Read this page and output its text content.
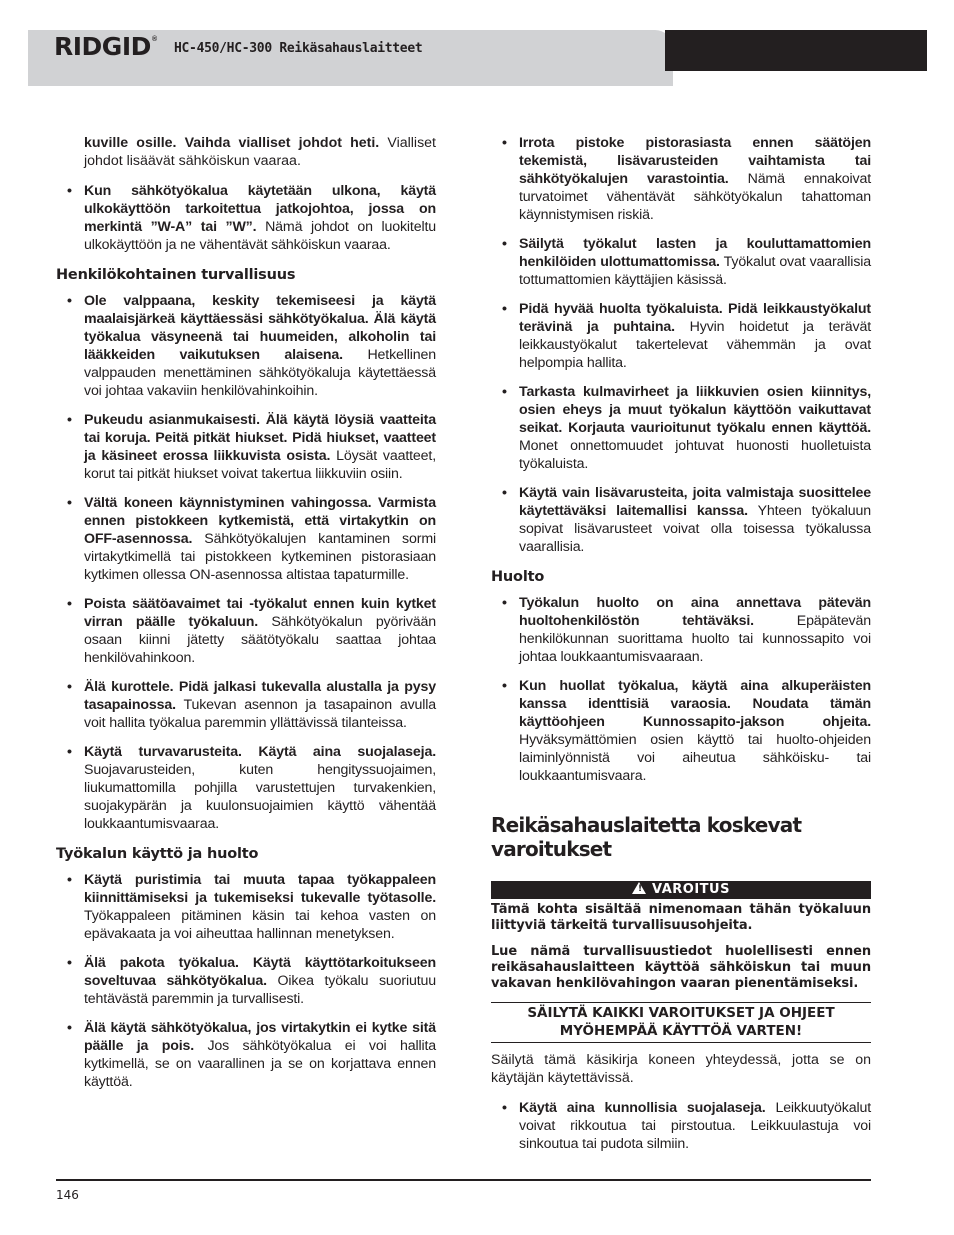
RIDGID ®
HC-450/HC-300 Reikäsahauslaitteet

kuville osille. Vaihda vialliset johdot heti. Vialliset johdot lisäävät sähköiskun vaaraa.

• Kun sähkötyökalua käytetään ulkona, käytä ulkokäyttöön tarkoitettua jatkojohtoa, jossa on merkintä ”W-A” tai ”W”. Nämä johdot on luokiteltu ulkokäyttöön ja ne vähentävät sähköiskun vaaraa.
Henkilökohtainen turvallisuus
• Ole valppaana, keskity tekemiseesi ja käytä maalaisjärkeä käyttäessäsi sähkötyökalua. Älä käytä työkalua väsyneenä tai huumeiden, alkoholin tai lääkkeiden vaikutuksen alaisena. Hetkellinen valppauden menettäminen sähkötyökaluja käytettäessä voi johtaa vakaviin henkilövahinkoihin.
• Pukeudu asianmukaisesti. Älä käytä löysiä vaatteita tai koruja. Peitä pitkät hiukset. Pidä hiukset, vaatteet ja käsineet erossa liikkuvista osista. Löysät vaatteet, korut tai pitkät hiukset voivat takertua liikkuviin osiin.
• Vältä koneen käynnistyminen vahingossa. Varmista ennen pistokkeen kytkemistä, että virtakytkin on OFF-asennossa. Sähkötyökalujen kantaminen sormi virtakytkimellä tai pistokkeen kytkeminen pistorasiaan kytkimen ollessa ON-asennossa altistaa tapaturmille.
• Poista säätöavaimet tai -työkalut ennen kuin kytket virran päälle työkaluun. Sähkötyökalun pyörivään osaan kiinni jätetty säätötyökalu saattaa johtaa henkilövahinkoon.
• Älä kurottele. Pidä jalkasi tukevalla alustalla ja pysy tasapainossa. Tukevan asennon ja tasapainon avulla voit hallita työkalua paremmin yllättävissä tilanteissa.
• Käytä turvavarusteita. Käytä aina suojalaseja. Suojavarusteiden, kuten hengityssuojaimen, liukumattomilla pohjilla varustettujen turvakenkien, suojakypärän ja kuulonsuojaimien käyttö vähentää loukkaantumisvaaraa.
Työkalun käyttö ja huolto
• Käytä puristimia tai muuta tapaa työkappaleen kiinnittämiseksi ja tukemiseksi tukevalle työtasolle. Työkappaleen pitäminen käsin tai kehoa vasten on epävakaata ja voi aiheuttaa hallinnan menetyksen.
• Älä pakota työkalua. Käytä käyttötarkoitukseen soveltuvaa sähkötyökalua. Oikea työkalu suoriutuu tehtävästä paremmin ja turvallisesti.
• Älä käytä sähkötyökalua, jos virtakytkin ei kytke sitä päälle ja pois. Jos sähkötyökalua ei voi hallita kytkimellä, se on vaarallinen ja se on korjattava ennen käyttöä.
• Irrota pistoke pistorasiasta ennen säätöjen tekemistä, lisävarusteiden vaihtamista tai sähkötyökalujen varastointia. Nämä ennakoivat turvatoimet vähentävät sähkötyökalun tahattoman käynnistymisen riskiä.
• Säilytä työkalut lasten ja kouluttamattomien henkilöiden ulottumattomissa. Työkalut ovat vaarallisia tottumattomien käyttäjien käsissä.
• Pidä hyvää huolta työkaluista. Pidä leikkaustyökalut terävinä ja puhtaina. Hyvin hoidetut ja terävät leikkaustyökalut takertelevat vähemmän ja ovat helpompia hallita.
• Tarkasta kulmavirheet ja liikkuvien osien kiinnitys, osien eheys ja muut työkalun käyttöön vaikuttavat seikat. Korjauta vaurioitunut työkalu ennen käyttöä. Monet onnettomuudet johtuvat huonosti huolletuista työkaluista.
• Käytä vain lisävarusteita, joita valmistaja suosittelee käytettäväksi laitemallisi kanssa. Yhteen työkaluun sopivat lisävarusteet voivat olla toisessa työkalussa vaarallisia.
Huolto
• Työkalun huolto on aina annettava pätevän huoltohenkilöstön tehtäväksi. Epäpätevän henkilökunnan suorittama huolto tai kunnossapito voi johtaa loukkaantumisvaaraan.
• Kun huollat työkalua, käytä aina alkuperäisten kanssa identtisiä varaosia. Noudata tämän käyttöohjeen Kunnossapito-jakson ohjeita. Hyväksymättömien osien käyttö tai huolto-ohjeiden laiminlyönnistä voi aiheutua sähköisku- tai loukkaantumisvaara.
Reikäsahauslaitetta koskevat varoitukset
! VAROITUS

Tämä kohta sisältää nimenomaan tähän työkaluun liittyviä tärkeitä turvallisuusohjeita.

Lue nämä turvallisuustiedot huolellisesti ennen reikäsahauslaitteen käyttöä sähköiskun tai muun vakavan henkilövahingon vaaran pienentämiseksi.

SÄILYTÄ KAIKKI VAROITUKSET JA OHJEET MYÖHEMPÄÄ KÄYTTÖÄ VARTEN!

Säilytä tämä käsikirja koneen yhteydessä, jotta se on käytäjän käytettävissä.

• Käytä aina kunnollisia suojalaseja. Leikkuutyökalut voivat rikkoutua tai pirstoutua. Leikkuulastuja voi sinkoutua tai pudota silmiin.
146
